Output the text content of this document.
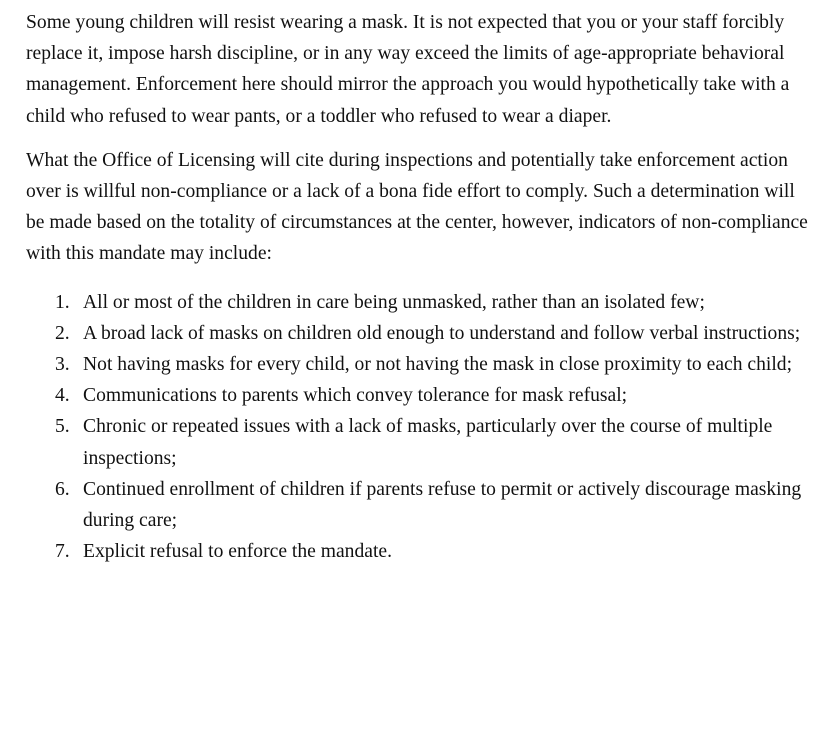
Some young children will resist wearing a mask. It is not expected that you or your staff forcibly replace it, impose harsh discipline, or in any way exceed the limits of age-appropriate behavioral management. Enforcement here should mirror the approach you would hypothetically take with a child who refused to wear pants, or a toddler who refused to wear a diaper.

What the Office of Licensing will cite during inspections and potentially take enforcement action over is willful non-compliance or a lack of a bona fide effort to comply. Such a determination will be made based on the totality of circumstances at the center, however, indicators of non-compliance with this mandate may include:

1. All or most of the children in care being unmasked, rather than an isolated few;
2. A broad lack of masks on children old enough to understand and follow verbal instructions;
3. Not having masks for every child, or not having the mask in close proximity to each child;
4. Communications to parents which convey tolerance for mask refusal;
5. Chronic or repeated issues with a lack of masks, particularly over the course of multiple inspections;
6. Continued enrollment of children if parents refuse to permit or actively discourage masking during care;
7. Explicit refusal to enforce the mandate.
